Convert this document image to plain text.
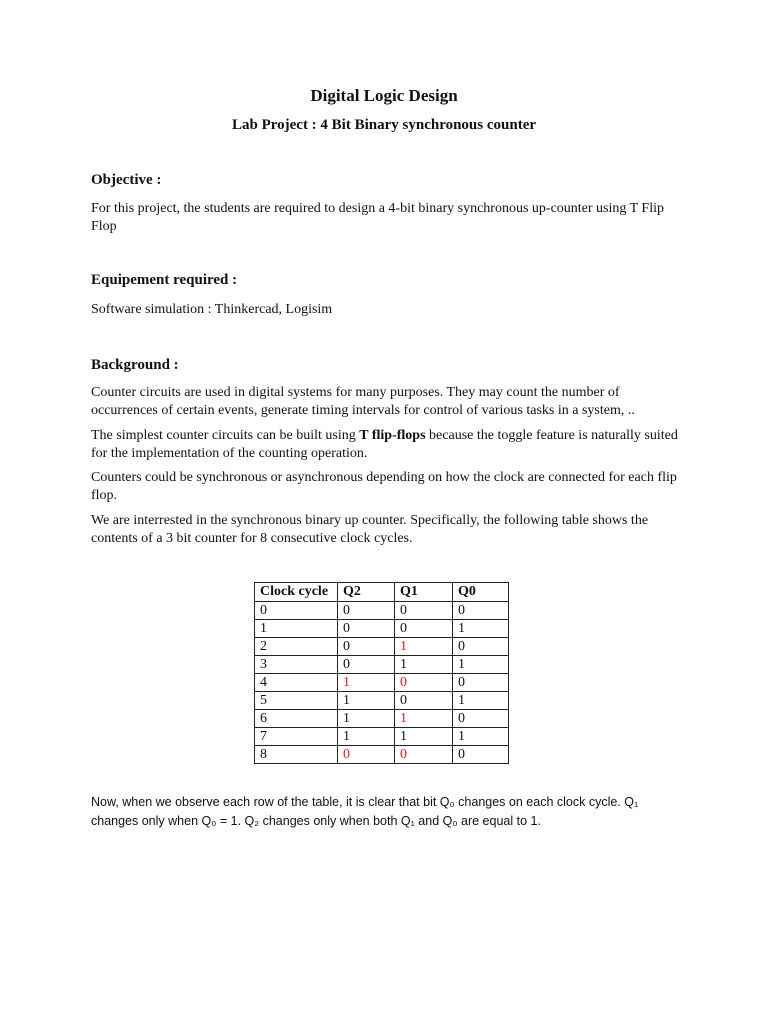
Digital Logic Design
Lab Project : 4 Bit Binary synchronous counter
Objective :
For this project, the students are required to design a 4-bit binary synchronous up-counter using T Flip Flop
Equipement required :
Software simulation : Thinkercad, Logisim
Background :
Counter circuits are used in digital systems for many purposes. They may count the number of occurrences of certain events, generate timing intervals for control of various tasks in a system, ..
The simplest counter circuits can be built using T flip-flops because the toggle feature is naturally suited for the implementation of the counting operation.
Counters could be synchronous or asynchronous depending on how the clock are connected for each flip flop.
We are interrested in the synchronous binary up counter. Specifically, the following table shows the contents of a 3 bit counter for 8 consecutive clock cycles.
Clock cycle	Q2	Q1	Q0
0	0	0	0
1	0	0	1
2	0	1	0
3	0	1	1
4	1	0	0
5	1	0	1
6	1	1	0
7	1	1	1
8	0	0	0
Now, when we observe each row of the table, it is clear that bit Q₀ changes on each clock cycle. Q₁
changes only when Q₀ = 1. Q₂ changes only when both Q₁ and Q₀ are equal to 1.
